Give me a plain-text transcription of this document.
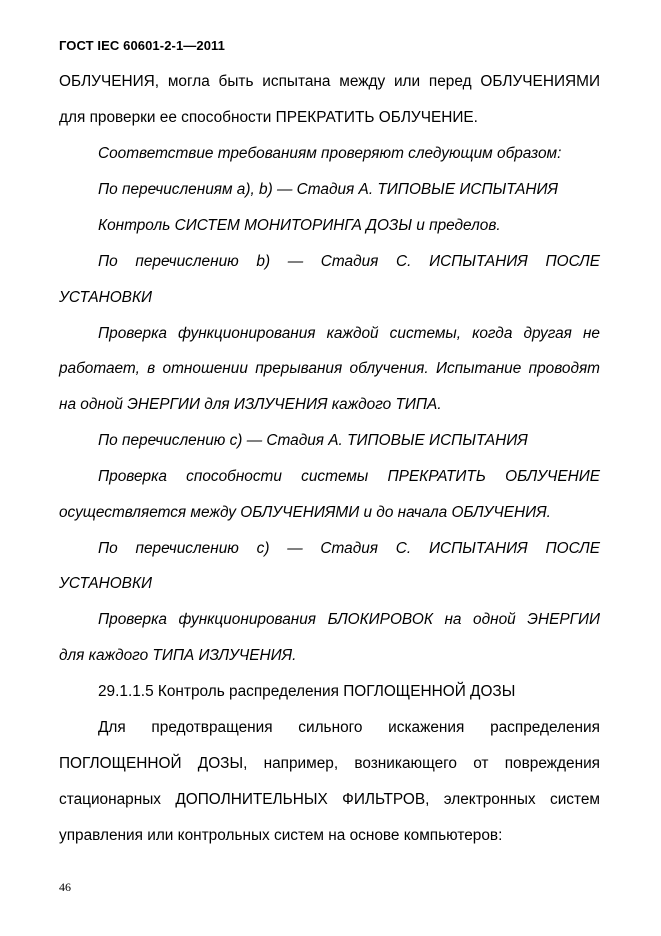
ГОСТ IEC 60601-2-1—2011
ОБЛУЧЕНИЯ, могла быть испытана между или перед ОБЛУЧЕНИЯМИ
для проверки ее способности ПРЕКРАТИТЬ ОБЛУЧЕНИЕ.
Соответствие требованиям проверяют следующим образом:
По перечислениям a), b) — Стадия А. ТИПОВЫЕ ИСПЫТАНИЯ
Контроль СИСТЕМ МОНИТОРИНГА ДОЗЫ и пределов.
По перечислению b) — Стадия С. ИСПЫТАНИЯ ПОСЛЕ
УСТАНОВКИ
Проверка функционирования каждой системы, когда другая не
работает, в отношении прерывания облучения. Испытание проводят
на одной ЭНЕРГИИ для ИЗЛУЧЕНИЯ каждого ТИПА.
По перечислению с) — Стадия А. ТИПОВЫЕ ИСПЫТАНИЯ
Проверка способности системы ПРЕКРАТИТЬ ОБЛУЧЕНИЕ
осуществляется между ОБЛУЧЕНИЯМИ и до начала ОБЛУЧЕНИЯ.
По перечислению с) — Стадия С. ИСПЫТАНИЯ ПОСЛЕ
УСТАНОВКИ
Проверка функционирования БЛОКИРОВОК на одной ЭНЕРГИИ
для каждого ТИПА ИЗЛУЧЕНИЯ.
29.1.1.5 Контроль распределения ПОГЛОЩЕННОЙ ДОЗЫ
Для предотвращения сильного искажения распределения
ПОГЛОЩЕННОЙ ДОЗЫ, например, возникающего от повреждения
стационарных ДОПОЛНИТЕЛЬНЫХ ФИЛЬТРОВ, электронных систем
управления или контрольных систем на основе компьютеров:
46
